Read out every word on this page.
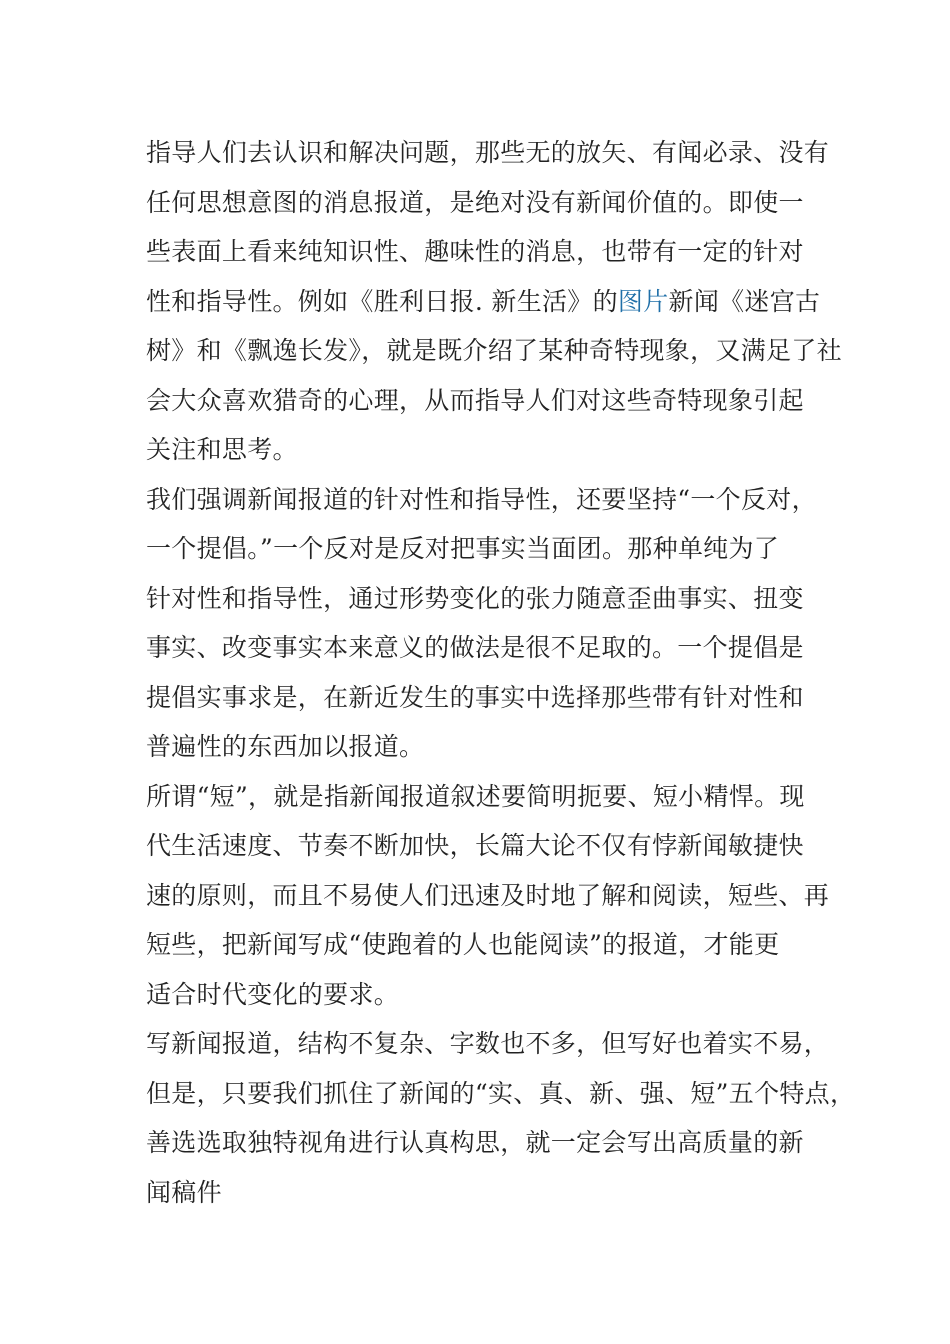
指导人们去认识和解决问题，那些无的放矢、有闻必录、没有
任何思想意图的消息报道，是绝对没有新闻价值的。即使一
些表面上看来纯知识性、趣味性的消息，也带有一定的针对
性和指导性。例如《胜利日报. 新生活》的图片新闻《迷宫古
树》和《飘逸长发》，就是既介绍了某种奇特现象，又满足了社
会大众喜欢猎奇的心理，从而指导人们对这些奇特现象引起
关注和思考。

我们强调新闻报道的针对性和指导性，还要坚持“一个反对，
一个提倡。”一个反对是反对把事实当面团。那种单纯为了
针对性和指导性，通过形势变化的张力随意歪曲事实、扭变
事实、改变事实本来意义的做法是很不足取的。一个提倡是
提倡实事求是，在新近发生的事实中选择那些带有针对性和
普遍性的东西加以报道。

所谓“短”，就是指新闻报道叙述要简明扼要、短小精悍。现
代生活速度、节奏不断加快，长篇大论不仅有悖新闻敏捷快
速的原则，而且不易使人们迅速及时地了解和阅读，短些、再
短些，把新闻写成“使跑着的人也能阅读”的报道，才能更
适合时代变化的要求。

写新闻报道，结构不复杂、字数也不多，但写好也着实不易，
但是，只要我们抓住了新闻的“实、真、新、强、短”五个特点，
善选选取独特视角进行认真构思，就一定会写出高质量的新
闻稿件
